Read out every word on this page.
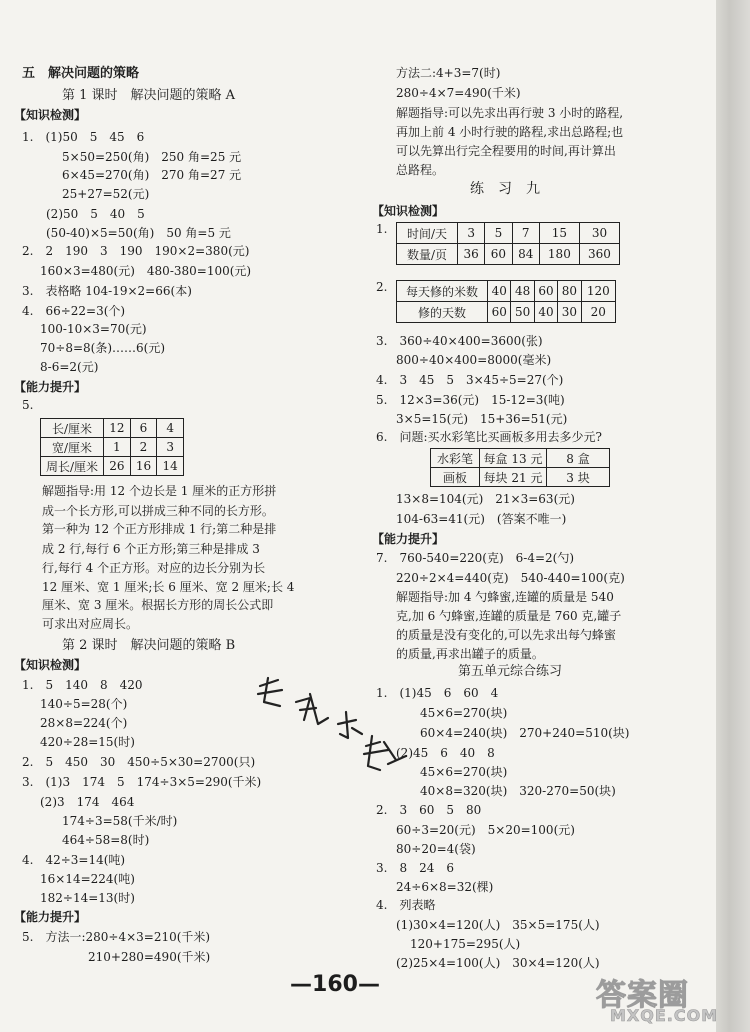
五　解决问题的策略
第 1 课时　解决问题的策略 A
【知识检测】
1.　(1)50　5　45　6
5×50=250(角)　250 角=25 元
6×45=270(角)　270 角=27 元
25+27=52(元)
(2)50　5　40　5
(50-40)×5=50(角)　50 角=5 元
2.　2　190　3　190　190×2=380(元)
160×3=480(元)　480-380=100(元)
3.　表格略 104-19×2=66(本)
4.　66÷22=3(个)
100-10×3=70(元)
70÷8=8(条)……6(元)
8-6=2(元)
【能力提升】
5.
长/厘米	12	6	4
宽/厘米	1	2	3
周长/厘米	26	16	14
解题指导:用 12 个边长是 1 厘米的正方形拼
成一个长方形,可以拼成三种不同的长方形。
第一种为 12 个正方形排成 1 行;第二种是排
成 2 行,每行 6 个正方形;第三种是排成 3
行,每行 4 个正方形。对应的边长分别为长
12 厘米、宽 1 厘米;长 6 厘米、宽 2 厘米;长 4
厘米、宽 3 厘米。根据长方形的周长公式即
可求出对应周长。
第 2 课时　解决问题的策略 B
【知识检测】
1.　5　140　8　420
140÷5=28(个)
28×8=224(个)
420÷28=15(时)
2.　5　450　30　450÷5×30=2700(只)
3.　(1)3　174　5　174÷3×5=290(千米)
(2)3　174　464
174÷3=58(千米/时)
464÷58=8(时)
4.　42÷3=14(吨)
16×14=224(吨)
182÷14=13(时)
【能力提升】
5.　方法一:280÷4×3=210(千米)
210+280=490(千米)
方法二:4+3=7(时)
280÷4×7=490(千米)
解题指导:可以先求出再行驶 3 小时的路程,
再加上前 4 小时行驶的路程,求出总路程;也
可以先算出行完全程要用的时间,再计算出
总路程。
练　习　九
【知识检测】
1. 时间/天	3	5	7	15	30
数量/页	36	60	84	180	360
2. 每天修的米数	40	48	60	80	120
修的天数	60	50	40	30	20
3.　360÷40×400=3600(张)
800÷40×400=8000(毫米)
4.　3　45　5　3×45÷5=27(个)
5.　12×3=36(元)　15-12=3(吨)
3×5=15(元)　15+36=51(元)
6.　问题:买水彩笔比买画板多用去多少元?
水彩笔	每盒 13 元	8 盒
画板	每块 21 元	3 块
13×8=104(元)　21×3=63(元)
104-63=41(元)　(答案不唯一)
【能力提升】
7.　760-540=220(克)　6-4=2(勺)
220÷2×4=440(克)　540-440=100(克)
解题指导:加 4 勺蜂蜜,连罐的质量是 540
克,加 6 勺蜂蜜,连罐的质量是 760 克,罐子
的质量是没有变化的,可以先求出每勺蜂蜜
的质量,再求出罐子的质量。
第五单元综合练习
1.　(1)45　6　60　4
45×6=270(块)
60×4=240(块)　270+240=510(块)
(2)45　6　40　8
45×6=270(块)
40×8=320(块)　320-270=50(块)
2.　3　60　5　80
60÷3=20(元)　5×20=100(元)
80÷20=4(袋)
3.　8　24　6
24÷6×8=32(棵)
4.　列表略
(1)30×4=120(人)　35×5=175(人)
120+175=295(人)
(2)25×4=100(人)　30×4=120(人)
—160—	答案圈
MXQE.COM
